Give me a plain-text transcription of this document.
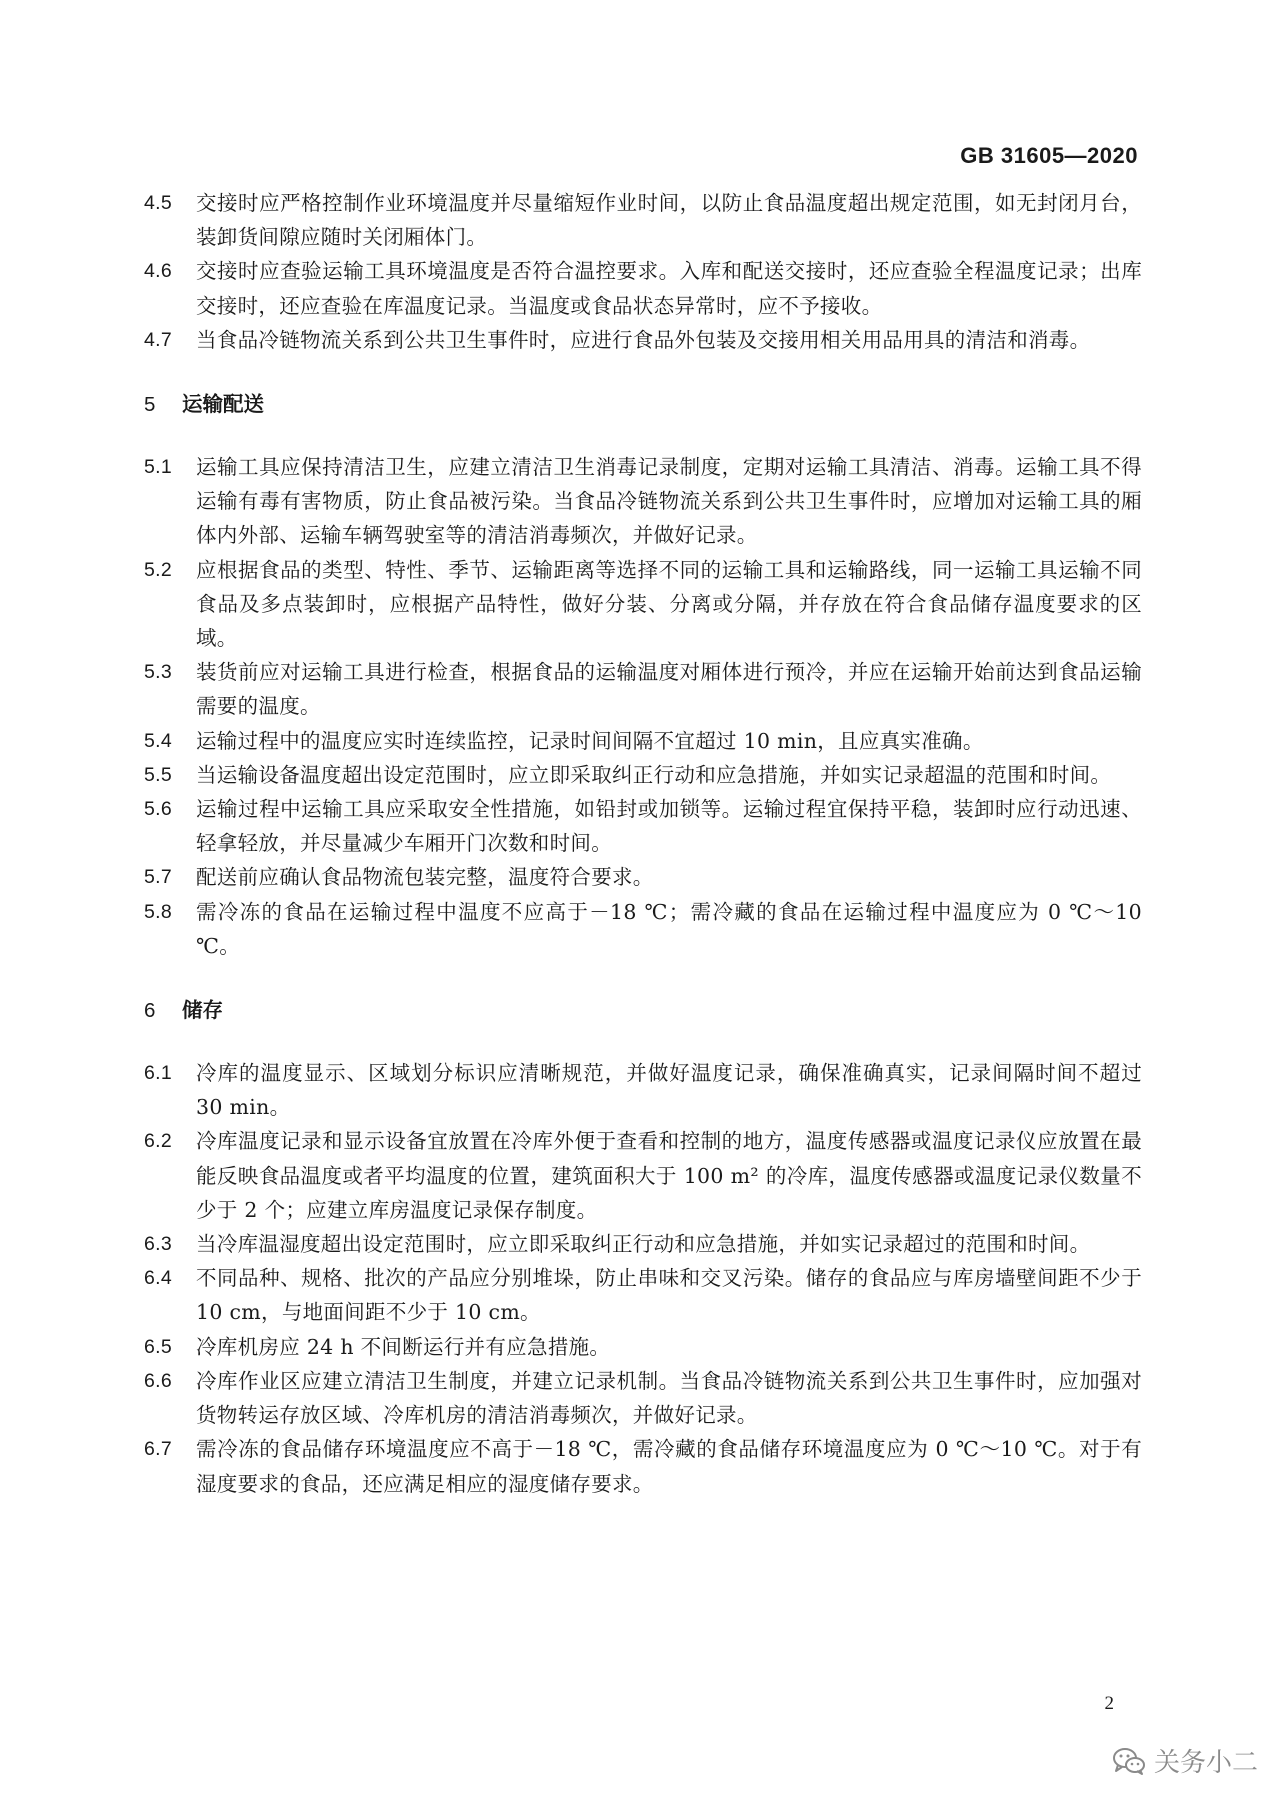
GB 31605—2020
4.5 交接时应严格控制作业环境温度并尽量缩短作业时间，以防止食品温度超出规定范围，如无封闭月台，装卸货间隙应随时关闭厢体门。
4.6 交接时应查验运输工具环境温度是否符合温控要求。入库和配送交接时，还应查验全程温度记录；出库交接时，还应查验在库温度记录。当温度或食品状态异常时，应不予接收。
4.7 当食品冷链物流关系到公共卫生事件时，应进行食品外包装及交接用相关用品用具的清洁和消毒。
5 运输配送
5.1 运输工具应保持清洁卫生，应建立清洁卫生消毒记录制度，定期对运输工具清洁、消毒。运输工具不得运输有毒有害物质，防止食品被污染。当食品冷链物流关系到公共卫生事件时，应增加对运输工具的厢体内外部、运输车辆驾驶室等的清洁消毒频次，并做好记录。
5.2 应根据食品的类型、特性、季节、运输距离等选择不同的运输工具和运输路线，同一运输工具运输不同食品及多点装卸时，应根据产品特性，做好分装、分离或分隔，并存放在符合食品储存温度要求的区域。
5.3 装货前应对运输工具进行检查，根据食品的运输温度对厢体进行预冷，并应在运输开始前达到食品运输需要的温度。
5.4 运输过程中的温度应实时连续监控，记录时间间隔不宜超过 10 min，且应真实准确。
5.5 当运输设备温度超出设定范围时，应立即采取纠正行动和应急措施，并如实记录超温的范围和时间。
5.6 运输过程中运输工具应采取安全性措施，如铅封或加锁等。运输过程宜保持平稳，装卸时应行动迅速、轻拿轻放，并尽量减少车厢开门次数和时间。
5.7 配送前应确认食品物流包装完整，温度符合要求。
5.8 需冷冻的食品在运输过程中温度不应高于－18 ℃；需冷藏的食品在运输过程中温度应为 0 ℃～10 ℃。
6 储存
6.1 冷库的温度显示、区域划分标识应清晰规范，并做好温度记录，确保准确真实，记录间隔时间不超过 30 min。
6.2 冷库温度记录和显示设备宜放置在冷库外便于查看和控制的地方，温度传感器或温度记录仪应放置在最能反映食品温度或者平均温度的位置，建筑面积大于 100 m² 的冷库，温度传感器或温度记录仪数量不少于 2 个；应建立库房温度记录保存制度。
6.3 当冷库温湿度超出设定范围时，应立即采取纠正行动和应急措施，并如实记录超过的范围和时间。
6.4 不同品种、规格、批次的产品应分别堆垛，防止串味和交叉污染。储存的食品应与库房墙壁间距不少于 10 cm，与地面间距不少于 10 cm。
6.5 冷库机房应 24 h 不间断运行并有应急措施。
6.6 冷库作业区应建立清洁卫生制度，并建立记录机制。当食品冷链物流关系到公共卫生事件时，应加强对货物转运存放区域、冷库机房的清洁消毒频次，并做好记录。
6.7 需冷冻的食品储存环境温度应不高于－18 ℃，需冷藏的食品储存环境温度应为 0 ℃～10 ℃。对于有湿度要求的食品，还应满足相应的湿度储存要求。
2
关务小二
